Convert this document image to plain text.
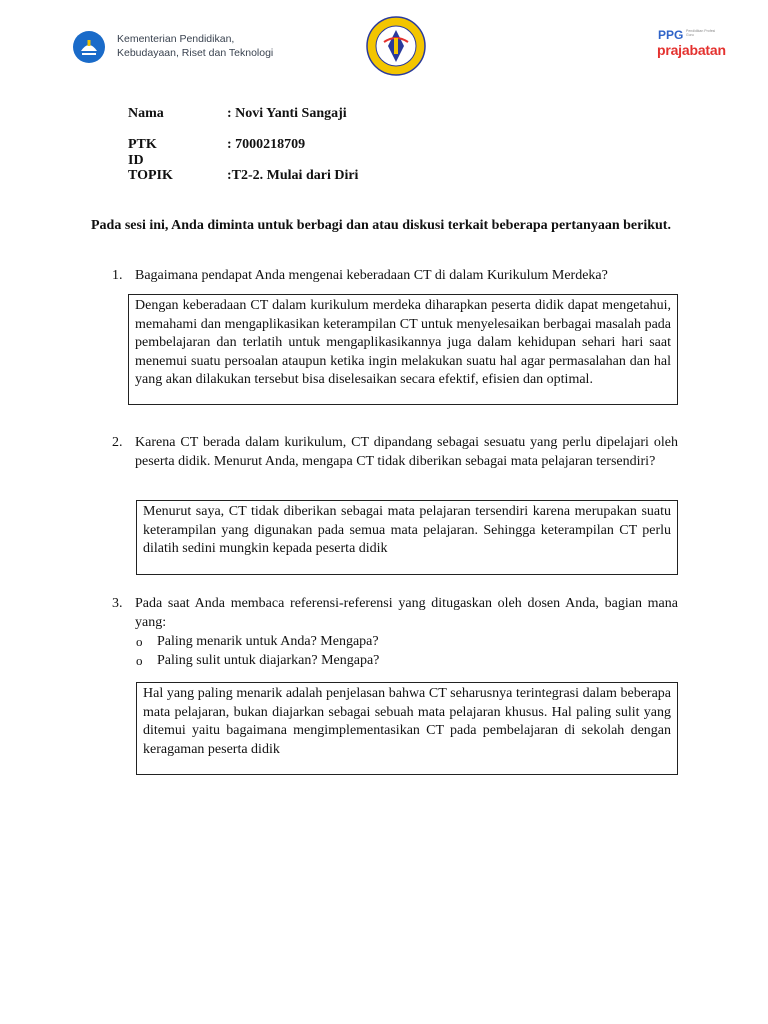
Kementerian Pendidikan,
Kebudayaan, Riset dan Teknologi
PPG Pendidikan Profesi Guru
prajabatan
Nama	: Novi Yanti Sangaji
PTK ID
: 7000218709
TOPIK	:T2-2. Mulai dari Diri
Pada sesi ini, Anda diminta untuk berbagi dan atau diskusi terkait beberapa pertanyaan berikut.
1. Bagaimana pendapat Anda mengenai keberadaan CT di dalam Kurikulum Merdeka?
Dengan keberadaan CT dalam kurikulum merdeka diharapkan peserta didik dapat mengetahui, memahami dan mengaplikasikan keterampilan CT untuk menyelesaikan berbagai masalah pada pembelajaran dan terlatih untuk mengaplikasikannya juga dalam kehidupan sehari hari saat menemui suatu persoalan ataupun ketika ingin melakukan suatu hal agar permasalahan dan hal yang akan dilakukan tersebut bisa diselesaikan secara efektif, efisien dan optimal.
2. Karena CT berada dalam kurikulum, CT dipandang sebagai sesuatu yang perlu dipelajari oleh peserta didik. Menurut Anda, mengapa CT tidak diberikan sebagai mata pelajaran tersendiri?
Menurut saya, CT tidak diberikan sebagai mata pelajaran tersendiri karena merupakan suatu keterampilan yang digunakan pada semua mata pelajaran. Sehingga keterampilan CT perlu dilatih sedini mungkin kepada peserta didik
3. Pada saat Anda membaca referensi-referensi yang ditugaskan oleh dosen Anda, bagian mana yang:
o Paling menarik untuk Anda? Mengapa?
o Paling sulit untuk diajarkan? Mengapa?
Hal yang paling menarik adalah penjelasan bahwa CT seharusnya terintegrasi dalam beberapa mata pelajaran, bukan diajarkan sebagai sebuah mata pelajaran khusus. Hal paling sulit yang ditemui yaitu bagaimana mengimplementasikan CT pada pembelajaran di sekolah dengan keragaman peserta didik
